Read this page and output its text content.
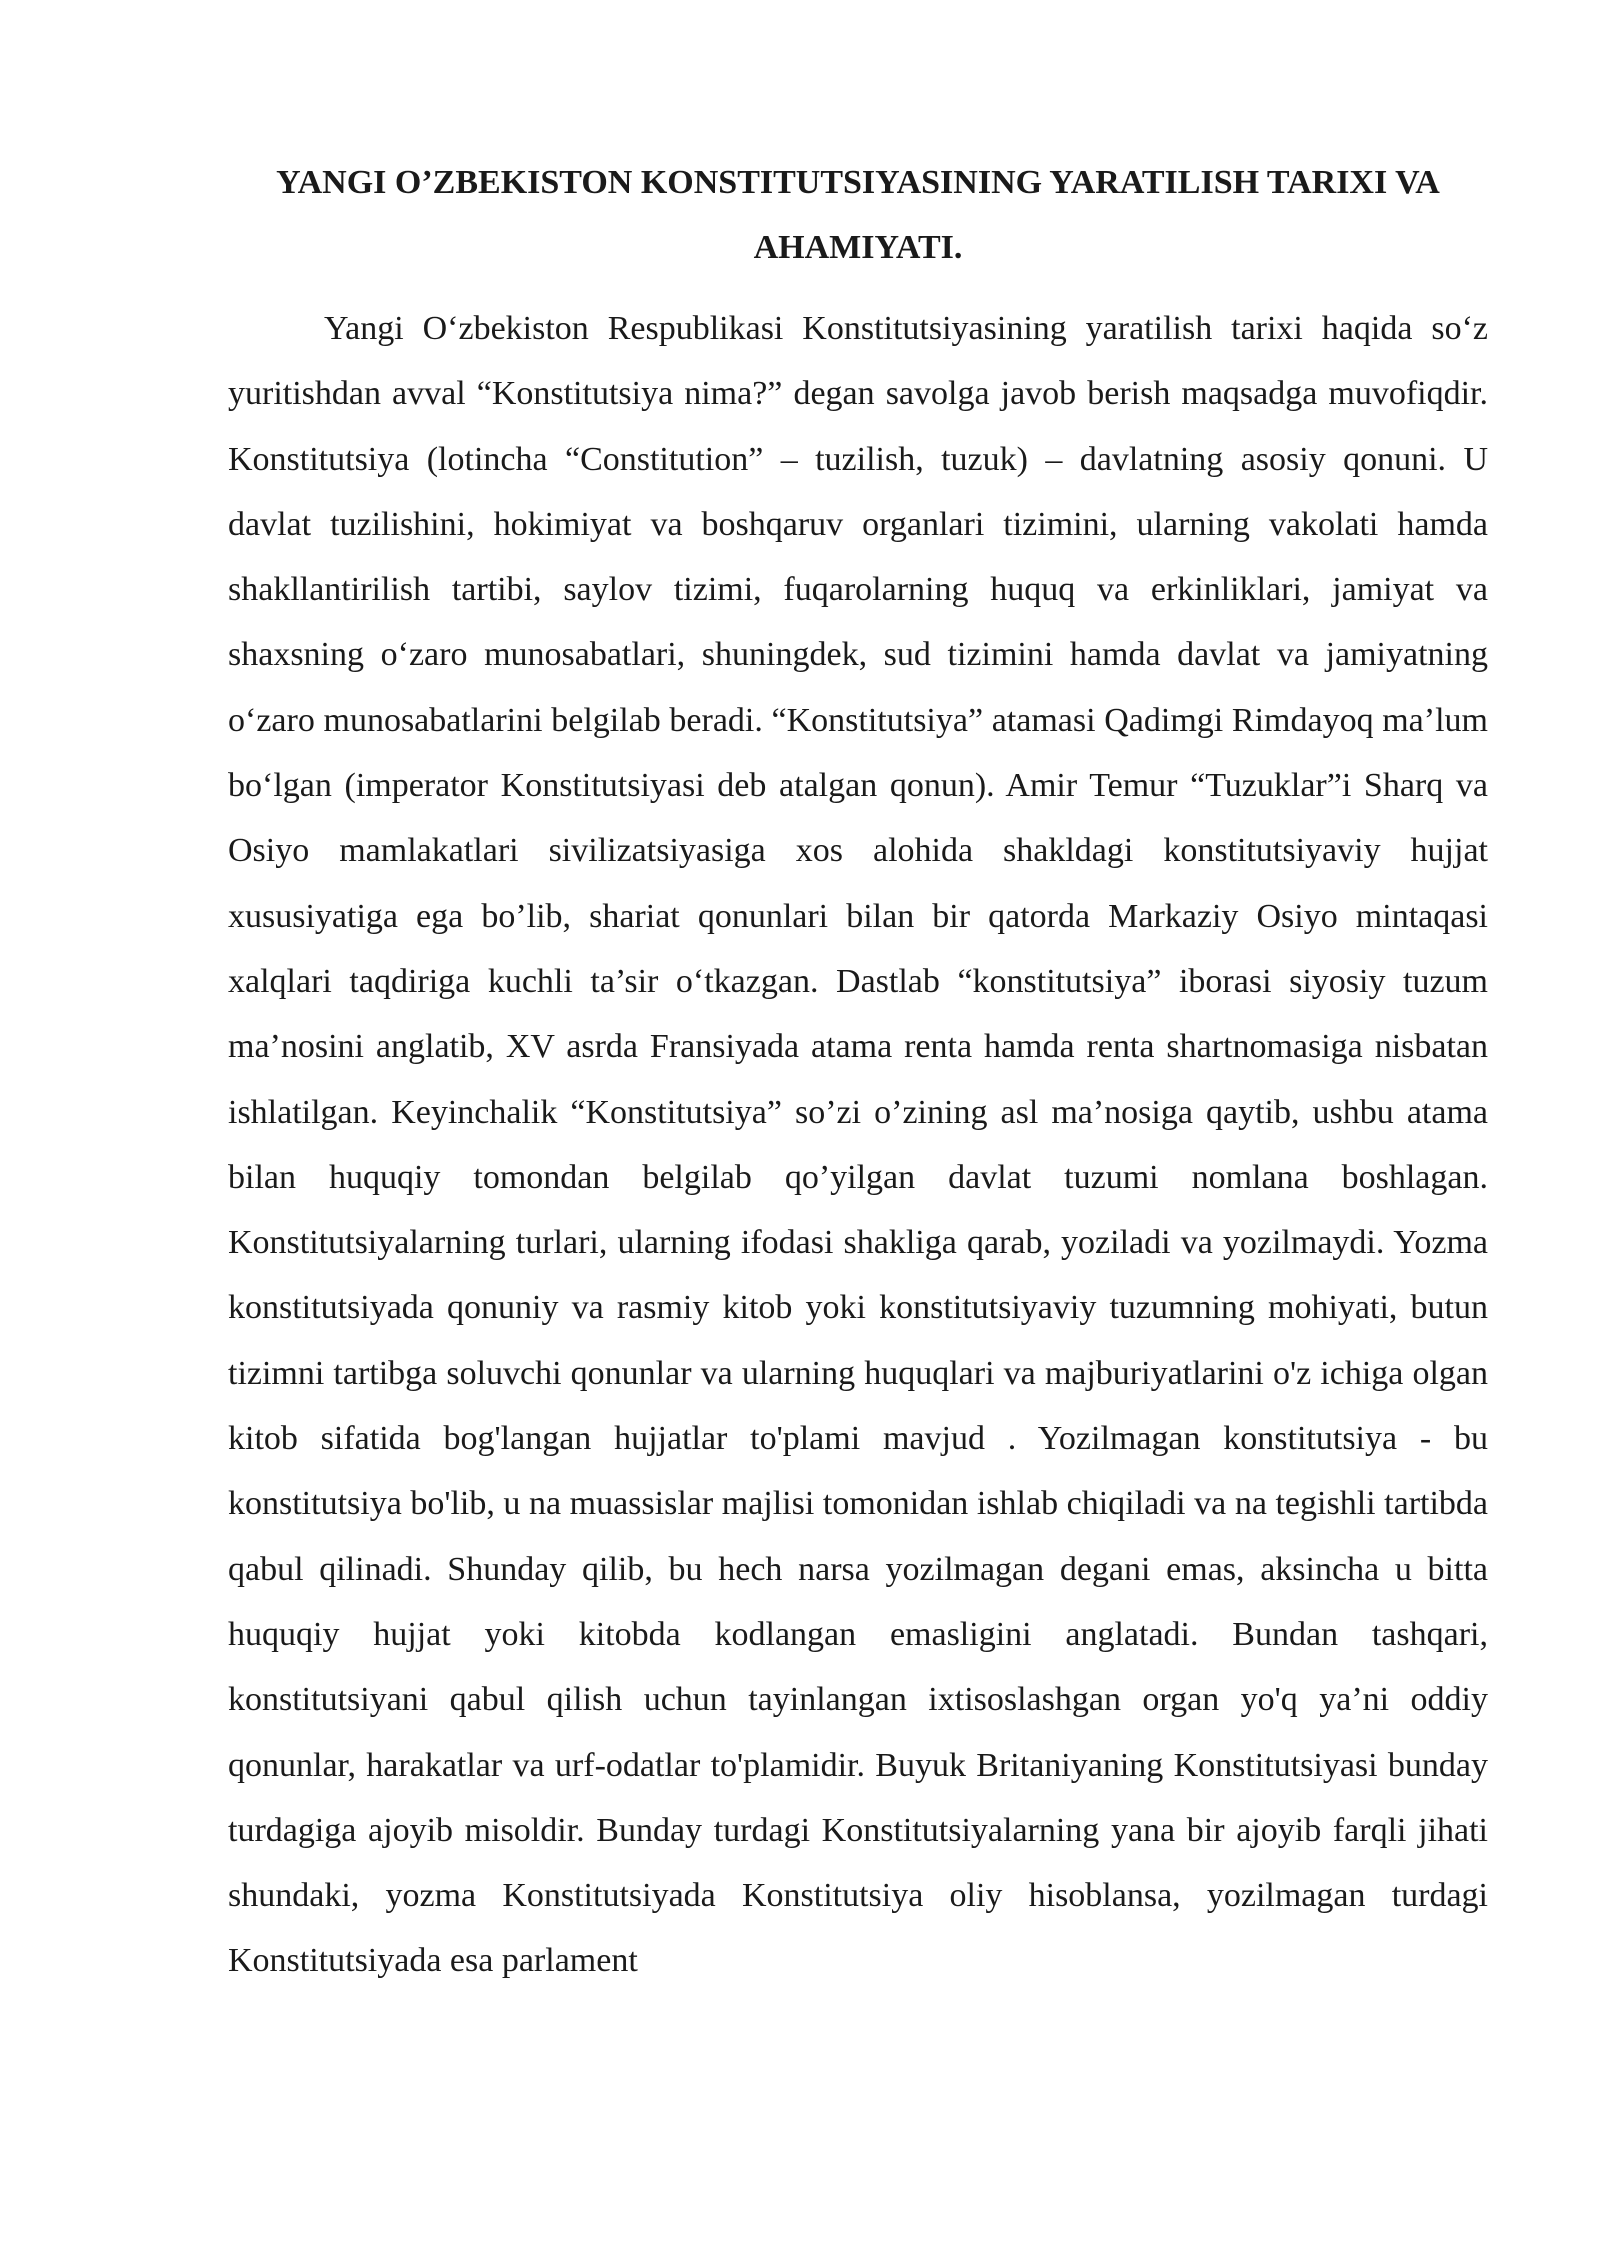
YANGI O’ZBEKISTON KONSTITUTSIYASINING YARATILISH TARIXI VA AHAMIYATI.

Yangi O‘zbekiston Respublikasi Konstitutsiyasining yaratilish tarixi haqida so‘z yuritishdan avval “Konstitutsiya nima?” degan savolga javob berish maqsadga muvofiqdir. Konstitutsiya (lotincha “Constitution” – tuzilish, tuzuk) – davlatning asosiy qonuni. U davlat tuzilishini, hokimiyat va boshqaruv organlari tizimini, ularning vakolati hamda shakllantirilish tartibi, saylov tizimi, fuqarolarning huquq va erkinliklari, jamiyat va shaxsning o‘zaro munosabatlari, shuningdek, sud tizimini hamda davlat va jamiyatning o‘zaro munosabatlarini belgilab beradi. “Konstitutsiya” atamasi Qadimgi Rimdayoq ma’lum bo‘lgan (imperator Konstitutsiyasi deb atalgan qonun). Amir Temur “Tuzuklar”i Sharq va Osiyo mamlakatlari sivilizatsiyasiga xos alohida shakldagi konstitutsiyaviy hujjat xususiyatiga ega bo’lib, shariat qonunlari bilan bir qatorda Markaziy Osiyo mintaqasi xalqlari taqdiriga kuchli ta’sir o‘tkazgan. Dastlab “konstitutsiya” iborasi siyosiy tuzum ma’nosini anglatib, XV asrda Fransiyada atama renta hamda renta shartnomasiga nisbatan ishlatilgan. Keyinchalik “Konstitutsiya” so’zi o’zining asl ma’nosiga qaytib, ushbu atama bilan huquqiy tomondan belgilab qo’yilgan davlat tuzumi nomlana boshlagan. Konstitutsiyalarning turlari, ularning ifodasi shakliga qarab, yoziladi va yozilmaydi. Yozma konstitutsiyada qonuniy va rasmiy kitob yoki konstitutsiyaviy tuzumning mohiyati, butun tizimni tartibga soluvchi qonunlar va ularning huquqlari va majburiyatlarini o'z ichiga olgan kitob sifatida bog'langan hujjatlar to'plami mavjud . Yozilmagan konstitutsiya - bu konstitutsiya bo'lib, u na muassislar majlisi tomonidan ishlab chiqiladi va na tegishli tartibda qabul qilinadi. Shunday qilib, bu hech narsa yozilmagan degani emas, aksincha u bitta huquqiy hujjat yoki kitobda kodlangan emasligini anglatadi. Bundan tashqari, konstitutsiyani qabul qilish uchun tayinlangan ixtisoslashgan organ yo'q ya’ni oddiy qonunlar, harakatlar va urf-odatlar to'plamidir. Buyuk Britaniyaning Konstitutsiyasi bunday turdagiga ajoyib misoldir. Bunday turdagi Konstitutsiyalarning yana bir ajoyib farqli jihati shundaki, yozma Konstitutsiyada Konstitutsiya oliy hisoblansa, yozilmagan turdagi Konstitutsiyada esa parlament
